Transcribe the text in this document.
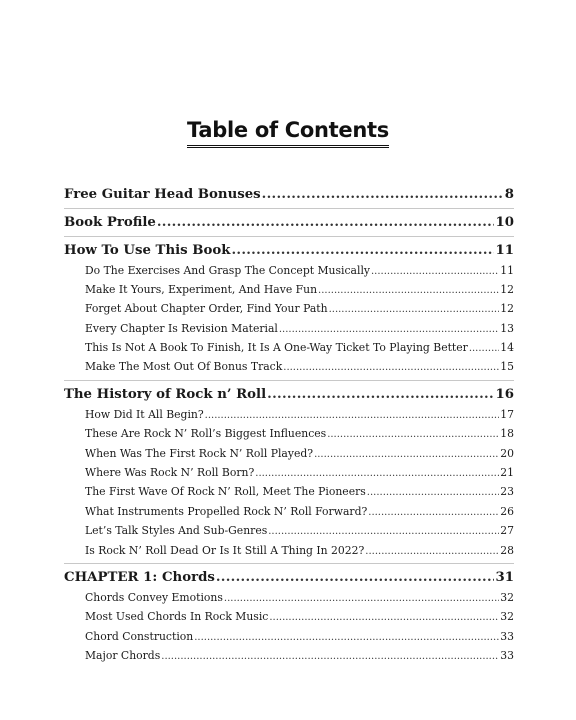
Table of Contents
Free Guitar Head Bonuses .....	8
Book Profile .....	10
How To Use This Book .....	11
Do The Exercises And Grasp The Concept Musically .....	11
Make It Yours, Experiment, And Have Fun .....	12
Forget About Chapter Order, Find Your Path .....	12
Every Chapter Is Revision Material .....	13
This Is Not A Book To Finish, It Is A One-Way Ticket To Playing Better .....	14
Make The Most Out Of Bonus Track .....	15
The History of Rock n’ Roll .....	16
How Did It All Begin? .....	17
These Are Rock N’ Roll’s Biggest Influences .....	18
When Was The First Rock N’ Roll Played? .....	20
Where Was Rock N’ Roll Born? .....	21
The First Wave Of Rock N’ Roll, Meet The Pioneers .....	23
What Instruments Propelled Rock N’ Roll Forward? .....	26
Let’s Talk Styles And Sub-Genres .....	27
Is Rock N’ Roll Dead Or Is It Still A Thing In 2022? .....	28
CHAPTER 1: Chords .....	31
Chords Convey Emotions .....	32
Most Used Chords In Rock Music .....	32
Chord Construction .....	33
Major Chords .....	33
